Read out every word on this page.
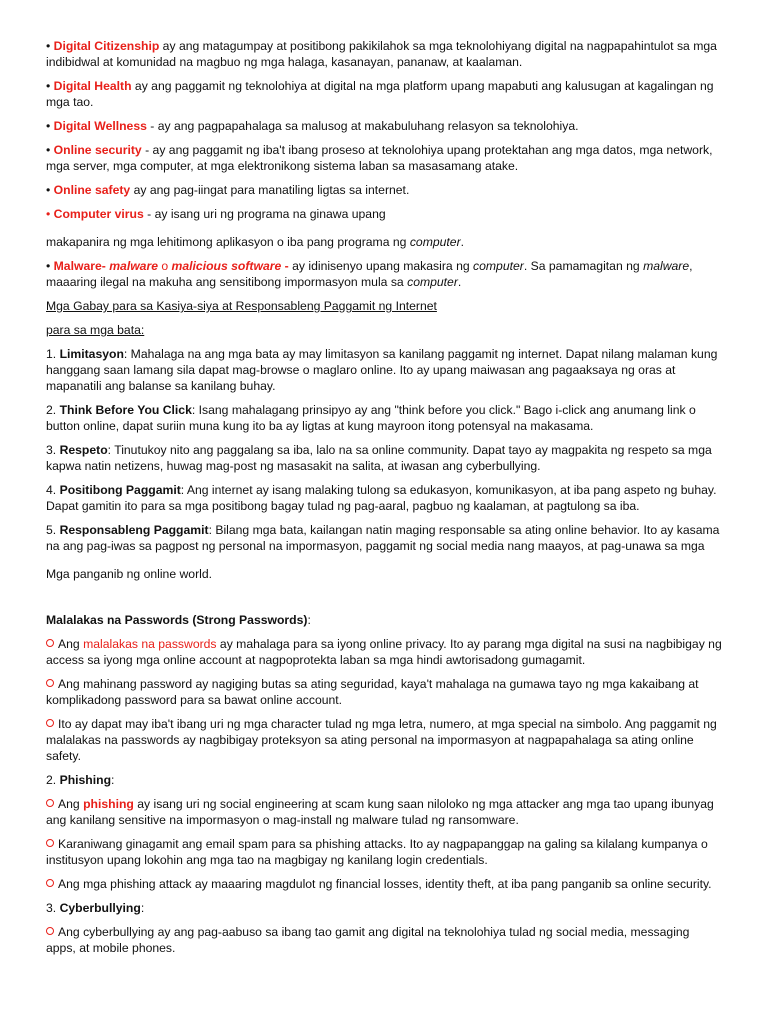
• Digital Citizenship ay ang matagumpay at positibong pakikilahok sa mga teknolohiyang digital na nagpapahintulot sa mga indibidwal at komunidad na magbuo ng mga halaga, kasanayan, pananaw, at kaalaman.

• Digital Health ay ang paggamit ng teknolohiya at digital na mga platform upang mapabuti ang kalusugan at kagalingan ng mga tao.

• Digital Wellness - ay ang pagpapahalaga sa malusog at makabuluhang relasyon sa teknolohiya.

• Online security - ay ang paggamit ng iba't ibang proseso at teknolohiya upang protektahan ang mga datos, mga network, mga server, mga computer, at mga elektronikong sistema laban sa masasamang atake.

• Online safety ay ang pag-iingat para manatiling ligtas sa internet.

• Computer virus - ay isang uri ng programa na ginawa upang

makapanira ng mga lehitimong aplikasyon o iba pang programa ng computer.

• Malware- malware o malicious software - ay idinisenyo upang makasira ng computer. Sa pamamagitan ng malware, maaaring ilegal na makuha ang sensitibong impormasyon mula sa computer.

Mga Gabay para sa Kasiya-siya at Responsableng Paggamit ng Internet

para sa mga bata:

1. Limitasyon: Mahalaga na ang mga bata ay may limitasyon sa kanilang paggamit ng internet. Dapat nilang malaman kung hanggang saan lamang sila dapat mag-browse o maglaro online. Ito ay upang maiwasan ang pagaaksaya ng oras at mapanatili ang balanse sa kanilang buhay.

2. Think Before You Click: Isang mahalagang prinsipyo ay ang "think before you click." Bago i-click ang anumang link o button online, dapat suriin muna kung ito ba ay ligtas at kung mayroon itong potensyal na makasama.

3. Respeto: Tinutukoy nito ang paggalang sa iba, lalo na sa online community. Dapat tayo ay magpakita ng respeto sa mga kapwa natin netizens, huwag mag-post ng masasakit na salita, at iwasan ang cyberbullying.

4. Positibong Paggamit: Ang internet ay isang malaking tulong sa edukasyon, komunikasyon, at iba pang aspeto ng buhay. Dapat gamitin ito para sa mga positibong bagay tulad ng pag-aaral, pagbuo ng kaalaman, at pagtulong sa iba.

5. Responsableng Paggamit: Bilang mga bata, kailangan natin maging responsable sa ating online behavior. Ito ay kasama na ang pag-iwas sa pagpost ng personal na impormasyon, paggamit ng social media nang maayos, at pag-unawa sa mga

Mga panganib ng online world.

Malalakas na Passwords (Strong Passwords):

Ang malalakas na passwords ay mahalaga para sa iyong online privacy. Ito ay parang mga digital na susi na nagbibigay ng access sa iyong mga online account at nagpoprotekta laban sa mga hindi awtorisadong gumagamit.

Ang mahinang password ay nagiging butas sa ating seguridad, kaya't mahalaga na gumawa tayo ng mga kakaibang at komplikadong password para sa bawat online account.

Ito ay dapat may iba't ibang uri ng mga character tulad ng mga letra, numero, at mga special na simbolo. Ang paggamit ng malalakas na passwords ay nagbibigay proteksyon sa ating personal na impormasyon at nagpapahalaga sa ating online safety.

2. Phishing:

Ang phishing ay isang uri ng social engineering at scam kung saan niloloko ng mga attacker ang mga tao upang ibunyag ang kanilang sensitive na impormasyon o mag-install ng malware tulad ng ransomware.

Karaniwang ginagamit ang email spam para sa phishing attacks. Ito ay nagpapanggap na galing sa kilalang kumpanya o institusyon upang lokohin ang mga tao na magbigay ng kanilang login credentials.

Ang mga phishing attack ay maaaring magdulot ng financial losses, identity theft, at iba pang panganib sa online security.

3. Cyberbullying:

Ang cyberbullying ay ang pag-aabuso sa ibang tao gamit ang digital na teknolohiya tulad ng social media, messaging apps, at mobile phones.
